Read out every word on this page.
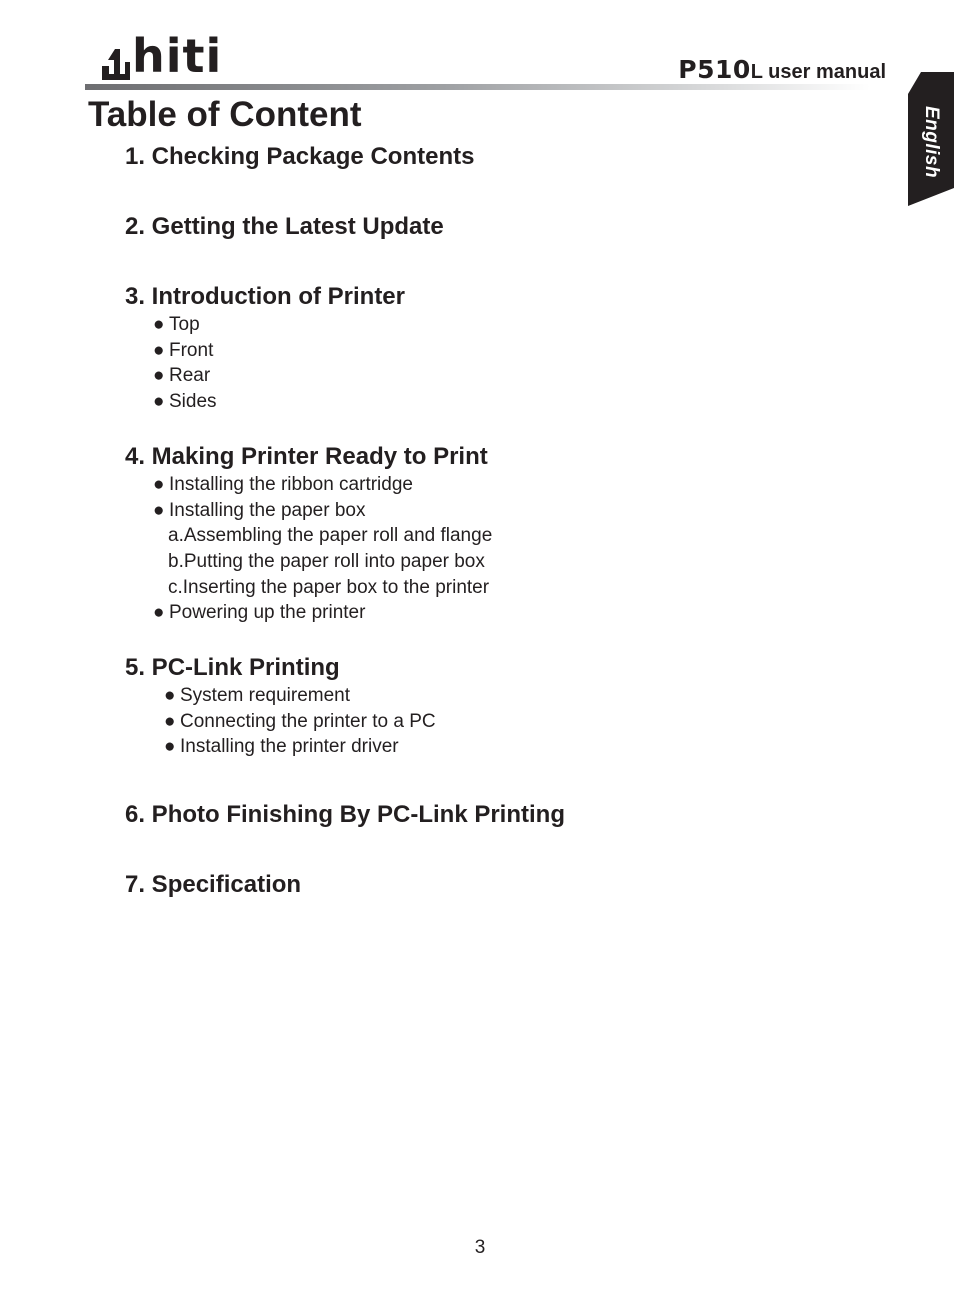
hiti	P510L user manual
English
Table of Content
1. Checking Package Contents
2. Getting the Latest Update
3. Introduction of Printer
● Top
● Front
● Rear
● Sides
4. Making Printer Ready to Print
● Installing the ribbon cartridge
● Installing the paper box
a.Assembling the paper roll and flange
b.Putting the paper roll into paper box
c.Inserting the paper box to the printer
● Powering up the printer
5. PC-Link Printing
● System requirement
● Connecting the printer to a PC
● Installing the printer driver
6. Photo Finishing By PC-Link Printing
7. Specification
3
